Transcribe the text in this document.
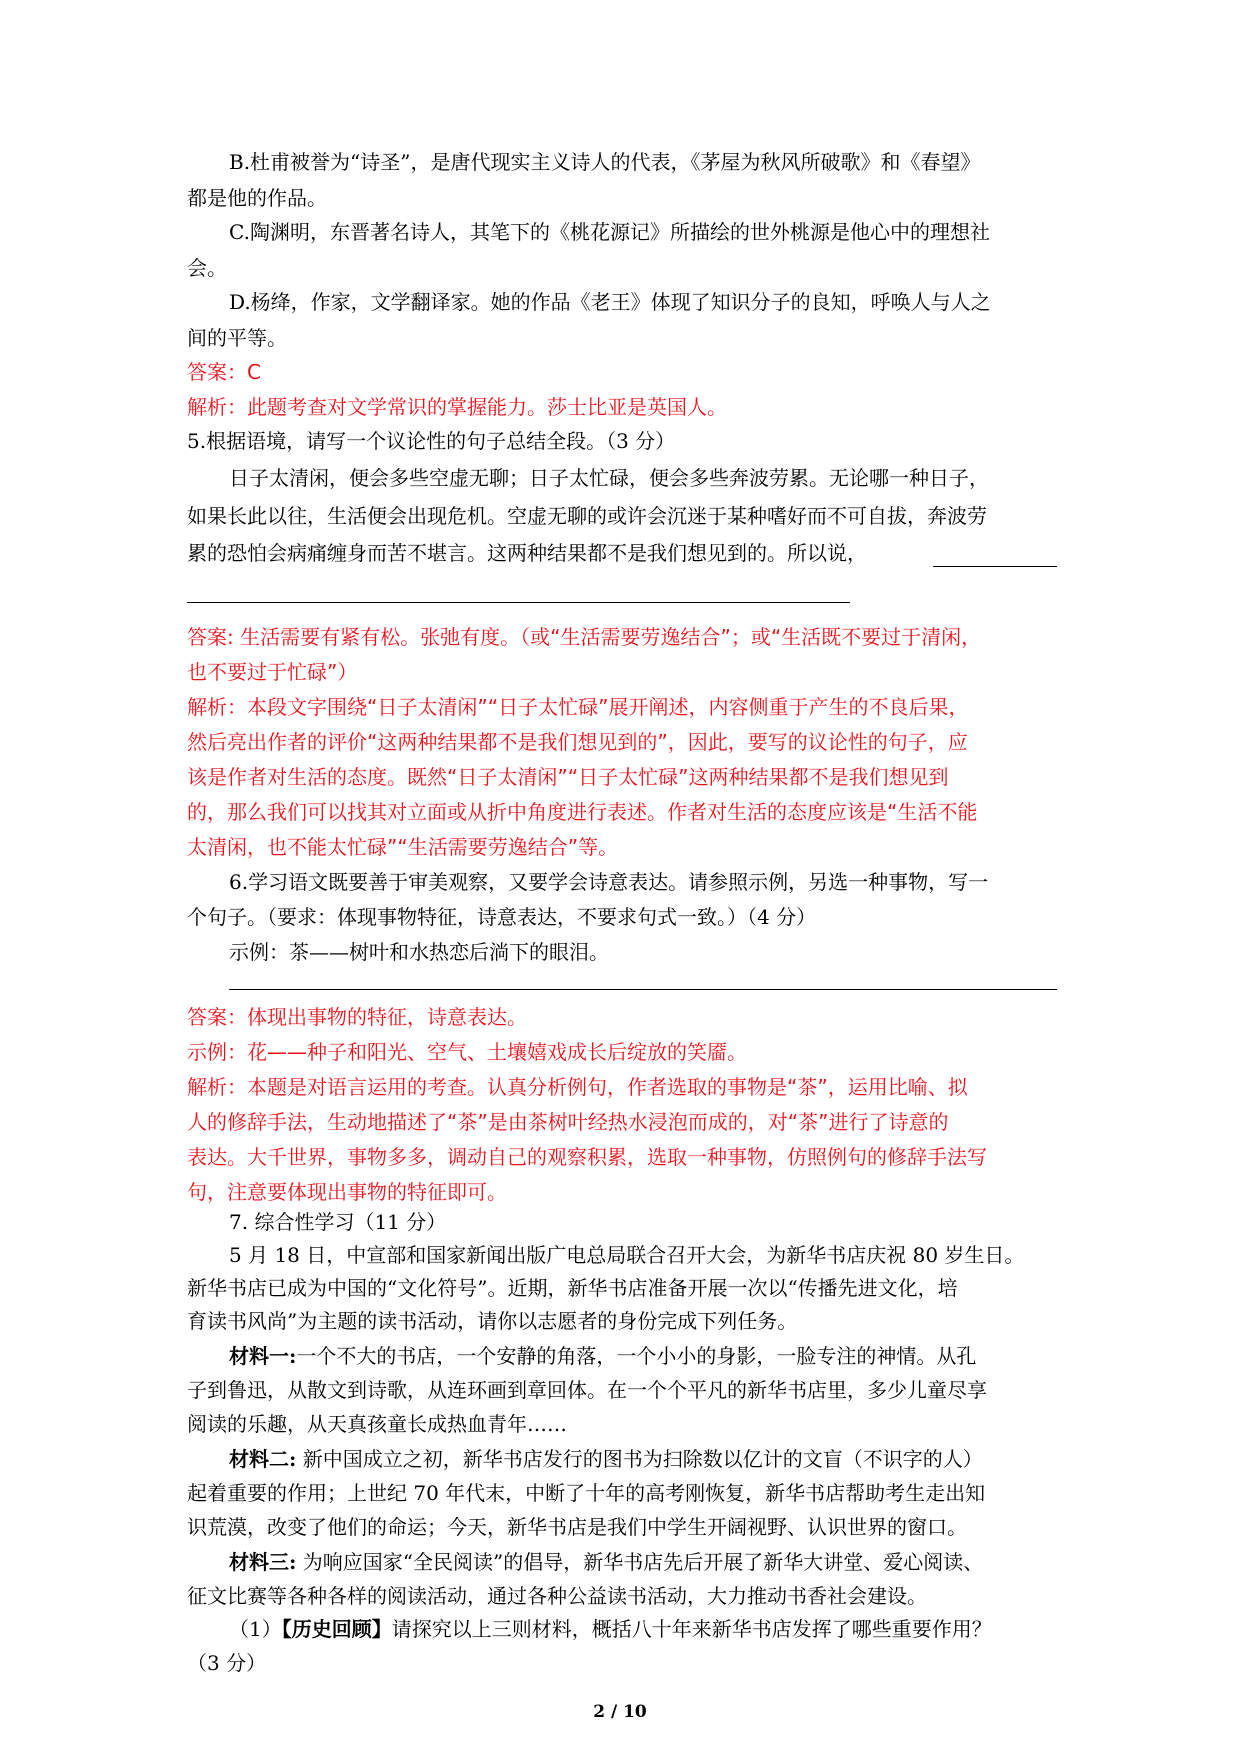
B.杜甫被誉为“诗圣”，是唐代现实主义诗人的代表，《茅屋为秋风所破歌》和《春望》
都是他的作品。
C.陶渊明，东晋著名诗人，其笔下的《桃花源记》所描绘的世外桃源是他心中的理想社
会。
D.杨绛，作家，文学翻译家。她的作品《老王》体现了知识分子的良知，呼唤人与人之
间的平等。
答案：C
解析：此题考查对文学常识的掌握能力。莎士比亚是英国人。
5.根据语境，请写一个议论性的句子总结全段。（3 分）
日子太清闲，便会多些空虚无聊；日子太忙碌，便会多些奔波劳累。无论哪一种日子，
如果长此以往，生活便会出现危机。空虚无聊的或许会沉迷于某种嗜好而不可自拔，奔波劳
累的恐怕会病痛缠身而苦不堪言。这两种结果都不是我们想见到的。所以说，
答案: 生活需要有紧有松。张弛有度。（或“生活需要劳逸结合”；或“生活既不要过于清闲，
也不要过于忙碌”）
解析：本段文字围绕“日子太清闲”“日子太忙碌”展开阐述，内容侧重于产生的不良后果，
然后亮出作者的评价“这两种结果都不是我们想见到的”，因此，要写的议论性的句子，应
该是作者对生活的态度。既然“日子太清闲”“日子太忙碌”这两种结果都不是我们想见到
的，那么我们可以找其对立面或从折中角度进行表述。作者对生活的态度应该是“生活不能
太清闲，也不能太忙碌”“生活需要劳逸结合”等。
6.学习语文既要善于审美观察，又要学会诗意表达。请参照示例，另选一种事物，写一
个句子。（要求：体现事物特征，诗意表达，不要求句式一致。）（4 分）
示例：茶——树叶和水热恋后淌下的眼泪。
答案：体现出事物的特征，诗意表达。
示例：花——种子和阳光、空气、土壤嬉戏成长后绽放的笑靥。
解析：本题是对语言运用的考查。认真分析例句，作者选取的事物是“茶”，运用比喻、拟
人的修辞手法，生动地描述了“茶”是由茶树叶经热水浸泡而成的，对“茶”进行了诗意的
表达。大千世界，事物多多，调动自己的观察积累，选取一种事物，仿照例句的修辞手法写
句，注意要体现出事物的特征即可。
7. 综合性学习（11 分）
5 月 18 日，中宣部和国家新闻出版广电总局联合召开大会，为新华书店庆祝 80 岁生日。
新华书店已成为中国的“文化符号”。近期，新华书店准备开展一次以“传播先进文化，培
育读书风尚”为主题的读书活动，请你以志愿者的身份完成下列任务。
材料一:一个不大的书店，一个安静的角落，一个小小的身影，一脸专注的神情。从孔
子到鲁迅，从散文到诗歌，从连环画到章回体。在一个个平凡的新华书店里，多少儿童尽享
阅读的乐趣，从天真孩童长成热血青年……
材料二: 新中国成立之初，新华书店发行的图书为扫除数以亿计的文盲（不识字的人）
起着重要的作用；上世纪 70 年代末，中断了十年的高考刚恢复，新华书店帮助考生走出知
识荒漠，改变了他们的命运；今天，新华书店是我们中学生开阔视野、认识世界的窗口。
材料三: 为响应国家“全民阅读”的倡导，新华书店先后开展了新华大讲堂、爱心阅读、
2 / 10
征文比赛等各种各样的阅读活动，通过各种公益读书活动，大力推动书香社会建设。
（1）【历史回顾】请探究以上三则材料，概括八十年来新华书店发挥了哪些重要作用？
（3 分）
